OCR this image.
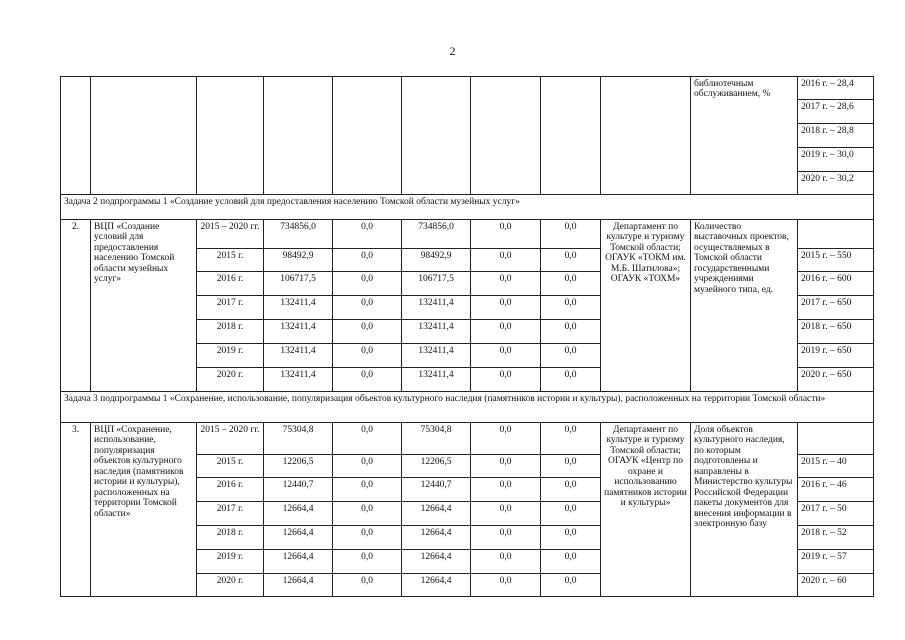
2
									библиотечным обслуживанием, %	2016 г. – 28,4
										2017 г. – 28,6
										2018 г. – 28,8
										2019 г. – 30,0
										2020 г. – 30,2
Задача 2 подпрограммы 1 «Создание условий для предоставления населению Томской области музейных услуг»										
2.	ВЦП «Создание условий для предоставления населению Томской области музейных услуг»	2015 – 2020 гг.	734856,0	0,0	734856,0	0,0	0,0	Департамент по культуре и туризму Томской области; ОГАУК «ТОКМ им. М.Б. Шатилова»; ОГАУК «ТОХМ»	Количество выставочных проектов, осуществляемых в Томской области государственными учреждениями музейного типа, ед.	
		2015 г.	98492,9	0,0	98492,9	0,0	0,0			2015 г. – 550
		2016 г.	106717,5	0,0	106717,5	0,0	0,0			2016 г. – 600
		2017 г.	132411,4	0,0	132411,4	0,0	0,0			2017 г. – 650
		2018 г.	132411,4	0,0	132411,4	0,0	0,0			2018 г. – 650
		2019 г.	132411,4	0,0	132411,4	0,0	0,0			2019 г. – 650
		2020 г.	132411,4	0,0	132411,4	0,0	0,0			2020 г. – 650
Задача 3 подпрограммы 1 «Сохранение, использование, популяризация объектов культурного наследия (памятников истории и культуры), расположенных на территории Томской области»										
3.	ВЦП «Сохранение, использование, популяризация объектов культурного наследия (памятников истории и культуры), расположенных на территории Томской области»	2015 – 2020 гг.	75304,8	0,0	75304,8	0,0	0,0	Департамент по культуре и туризму Томской области; ОГАУК «Центр по охране и использованию памятников истории и культуры»	Доля объектов культурного наследия, по которым подготовлены и направлены в Министерство культуры Российской Федерации пакеты документов для внесения информации в электронную базу	
		2015 г.	12206,5	0,0	12206,5	0,0	0,0			2015 г. – 40
		2016 г.	12440,7	0,0	12440,7	0,0	0,0			2016 г. – 46
		2017 г.	12664,4	0,0	12664,4	0,0	0,0			2017 г. – 50
		2018 г.	12664,4	0,0	12664,4	0,0	0,0			2018 г. – 52
		2019 г.	12664,4	0,0	12664,4	0,0	0,0			2019 г. – 57
		2020 г.	12664,4	0,0	12664,4	0,0	0,0			2020 г. – 60
